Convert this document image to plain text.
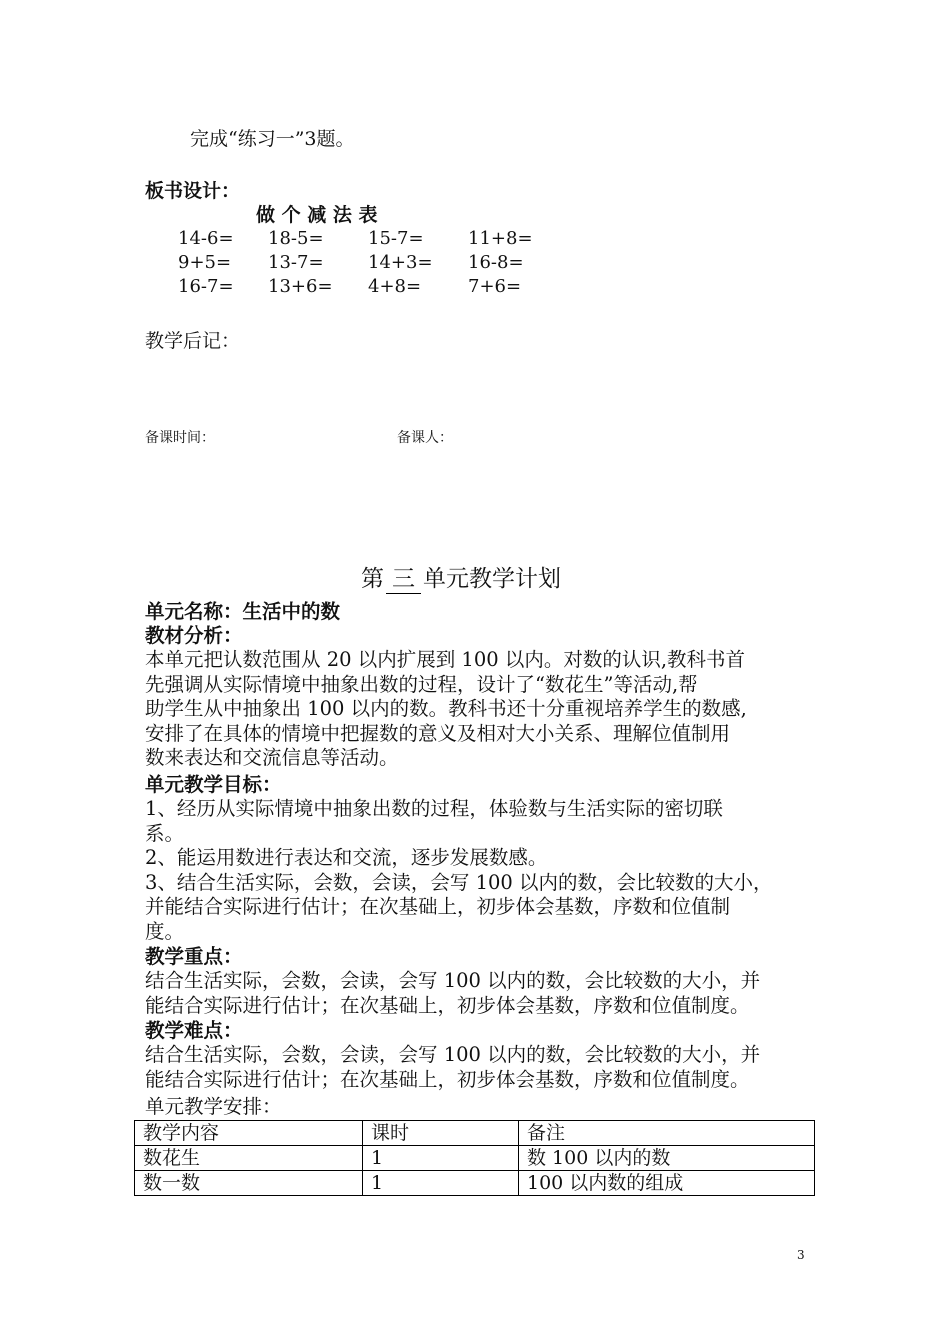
完成“练习一”3题。
板书设计：
做 个 减 法 表
14-6= 18-5= 15-7= 11+8=
9+5= 13-7= 14+3= 16-8=
16-7= 13+6= 4+8=	7+6=
教学后记：
备课时间：	备课人：
第 三 单元教学计划
单元名称：生活中的数
教材分析：
本单元把认数范围从 20 以内扩展到 100 以内。对数的认识,教科书首
先强调从实际情境中抽象出数的过程，设计了“数花生”等活动,帮
助学生从中抽象出 100 以内的数。教科书还十分重视培养学生的数感,
安排了在具体的情境中把握数的意义及相对大小关系、理解位值制用
数来表达和交流信息等活动。
单元教学目标：
1、经历从实际情境中抽象出数的过程，体验数与生活实际的密切联
系。
2、能运用数进行表达和交流，逐步发展数感。
3、结合生活实际，会数，会读，会写 100 以内的数，会比较数的大小，
并能结合实际进行估计；在次基础上，初步体会基数，序数和位值制
度。
教学重点：
结合生活实际，会数，会读，会写 100 以内的数，会比较数的大小，并
能结合实际进行估计；在次基础上，初步体会基数，序数和位值制度。
教学难点：
结合生活实际，会数，会读，会写 100 以内的数，会比较数的大小，并
能结合实际进行估计；在次基础上，初步体会基数，序数和位值制度。
单元教学安排：
教学内容	课时	备注
数花生	1	数 100 以内的数
数一数	1	100 以内数的组成
3
